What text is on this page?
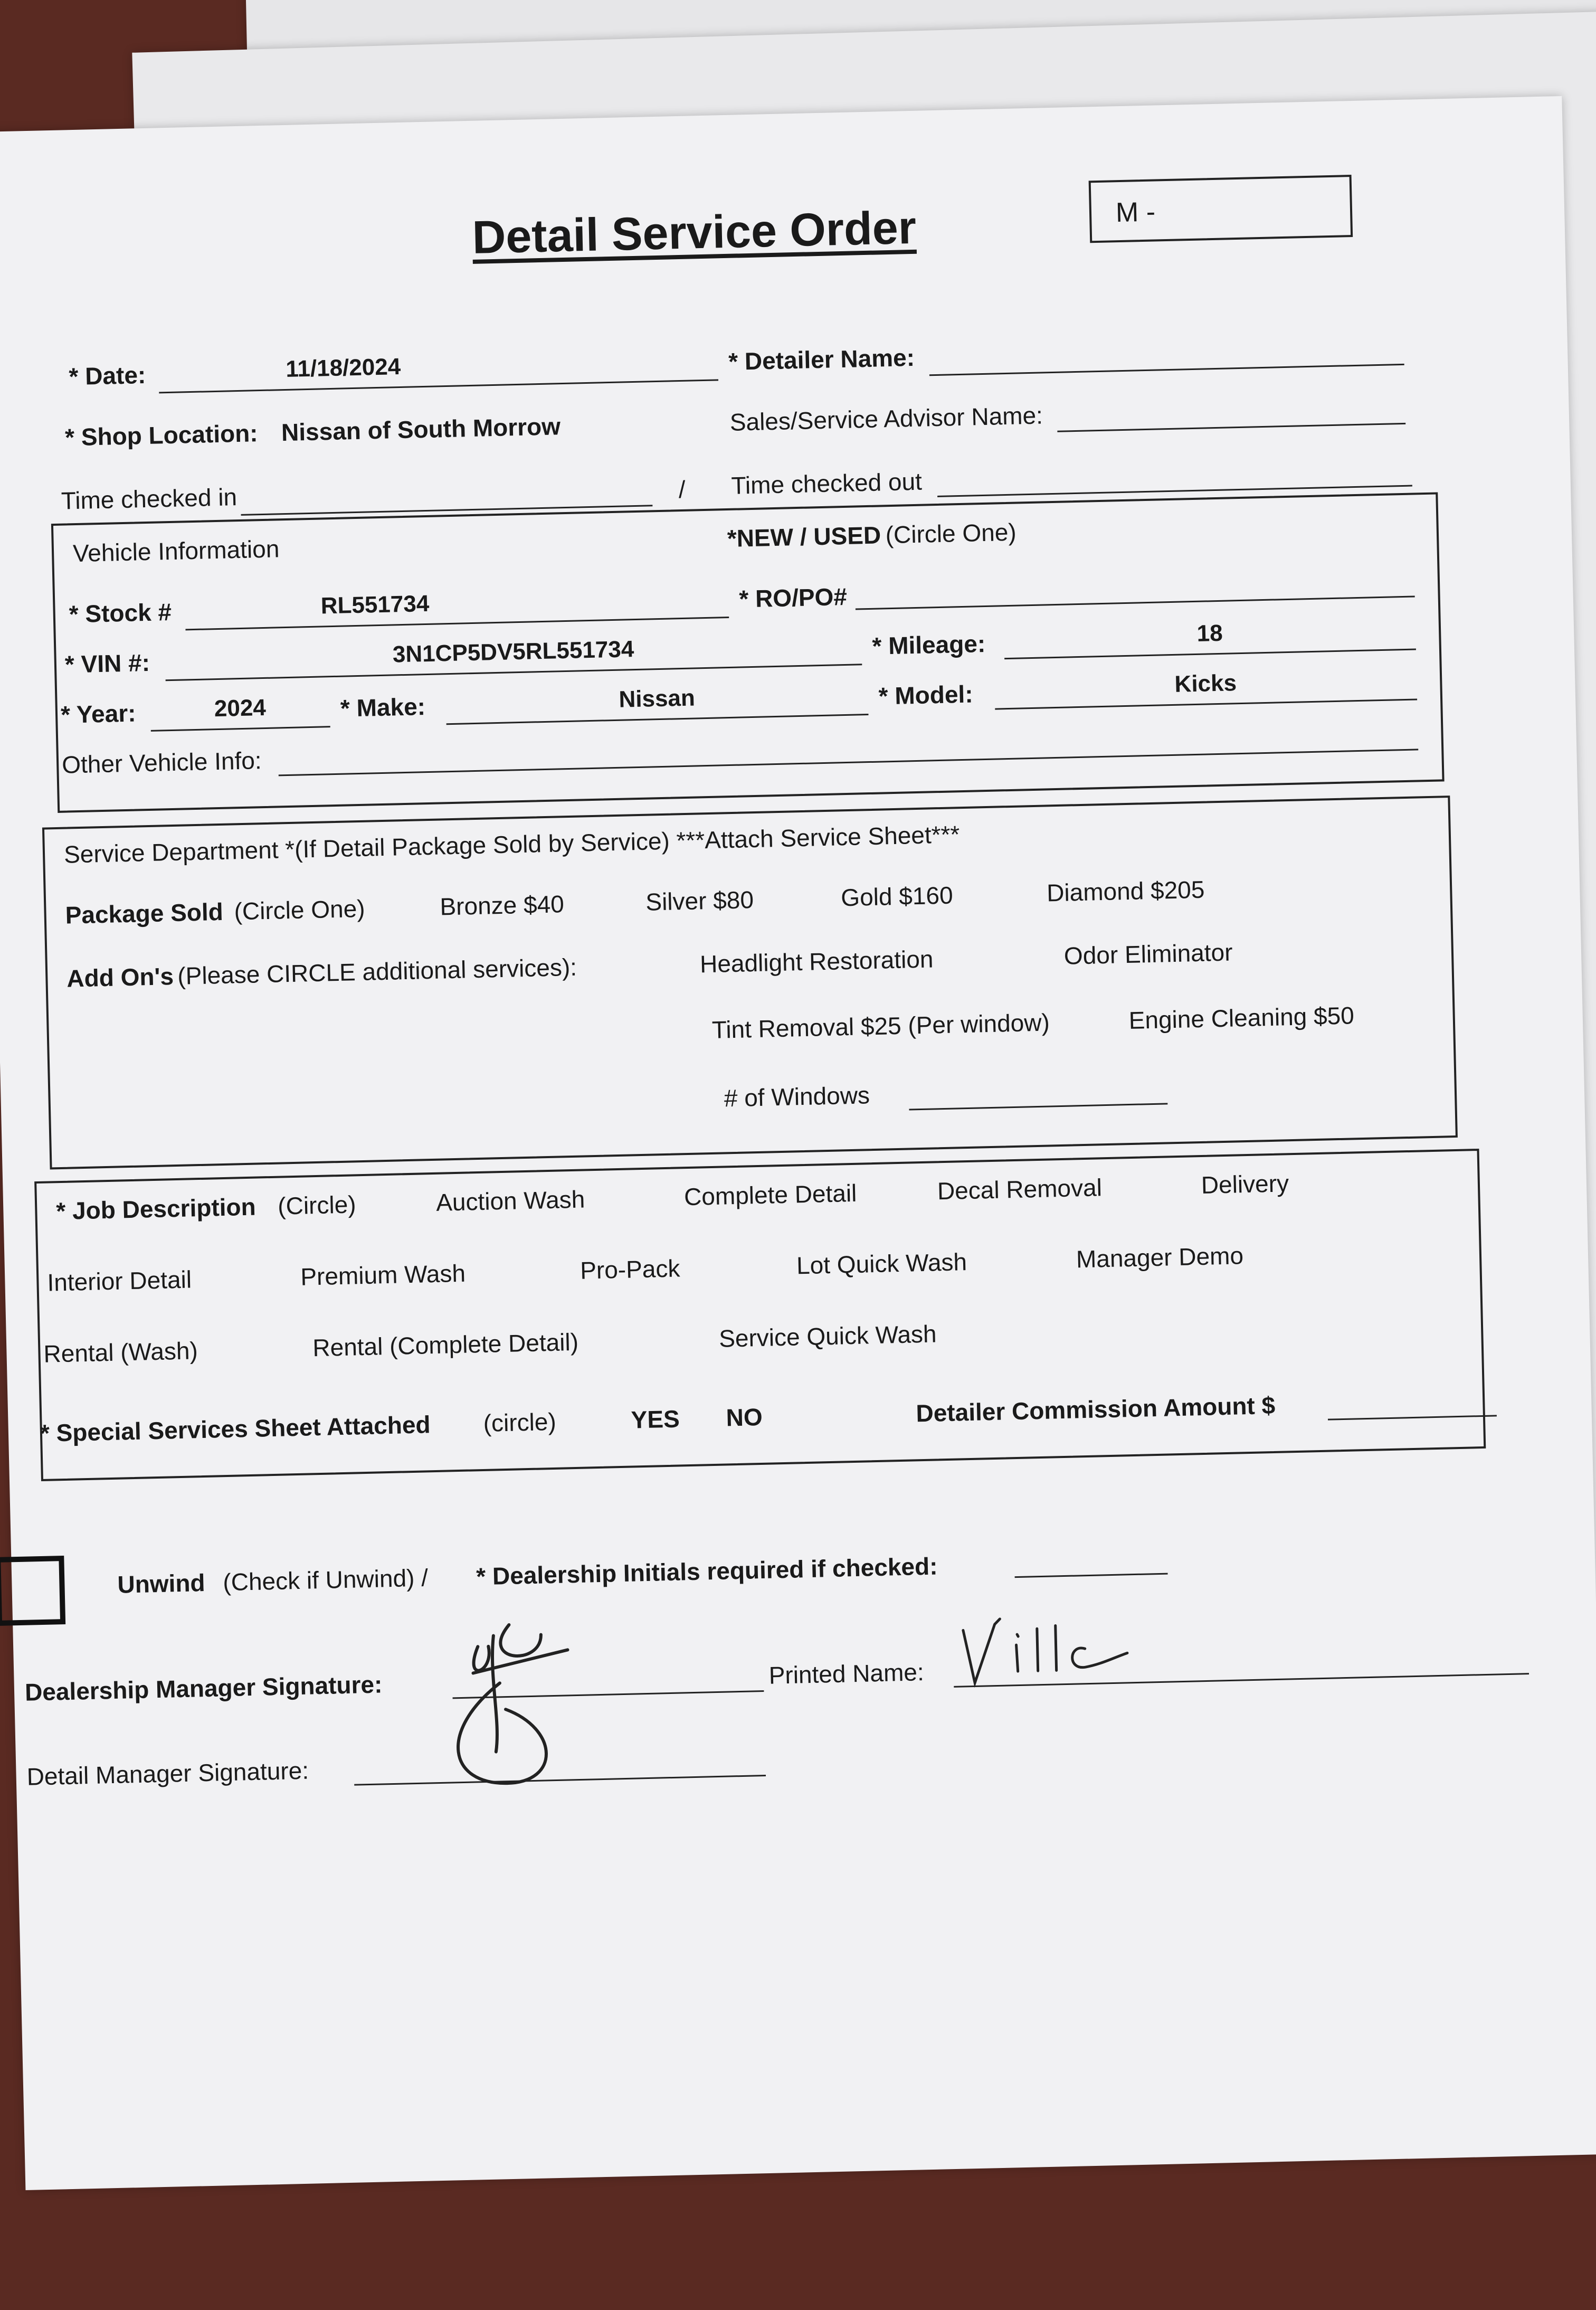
Detail Service Order	M -
* Date:	11/18/2024	* Detailer Name:
* Shop Location: Nissan of South Morrow	Sales/Service Advisor Name:
Time checked in	/ Time checked out
Vehicle Information	*NEW / USED (Circle One)
* Stock #	RL551734	* RO/PO#
* VIN #:	3N1CP5DV5RL551734	* Mileage:	18
* Year:	2024	* Make:	Nissan	* Model:	Kicks
Other Vehicle Info:
Service Department *(If Detail Package Sold by Service) ***Attach Service Sheet***
Package Sold (Circle One)	Bronze $40	Silver $80	Gold $160	Diamond $205
Add On's (Please CIRCLE additional services):	Headlight Restoration	Odor Eliminator
Tint Removal $25 (Per window)	Engine Cleaning $50
# of Windows
* Job Description (Circle)	Auction Wash	Complete Detail	Decal Removal	Delivery
Interior Detail	Premium Wash	Pro-Pack	Lot Quick Wash	Manager Demo
Rental (Wash)	Rental (Complete Detail)	Service Quick Wash
* Special Services Sheet Attached (circle)	YES NO	Detailer Commission Amount $
Unwind (Check if Unwind) / * Dealership Initials required if checked:
Dealership Manager Signature:	Printed Name:
Detail Manager Signature:
